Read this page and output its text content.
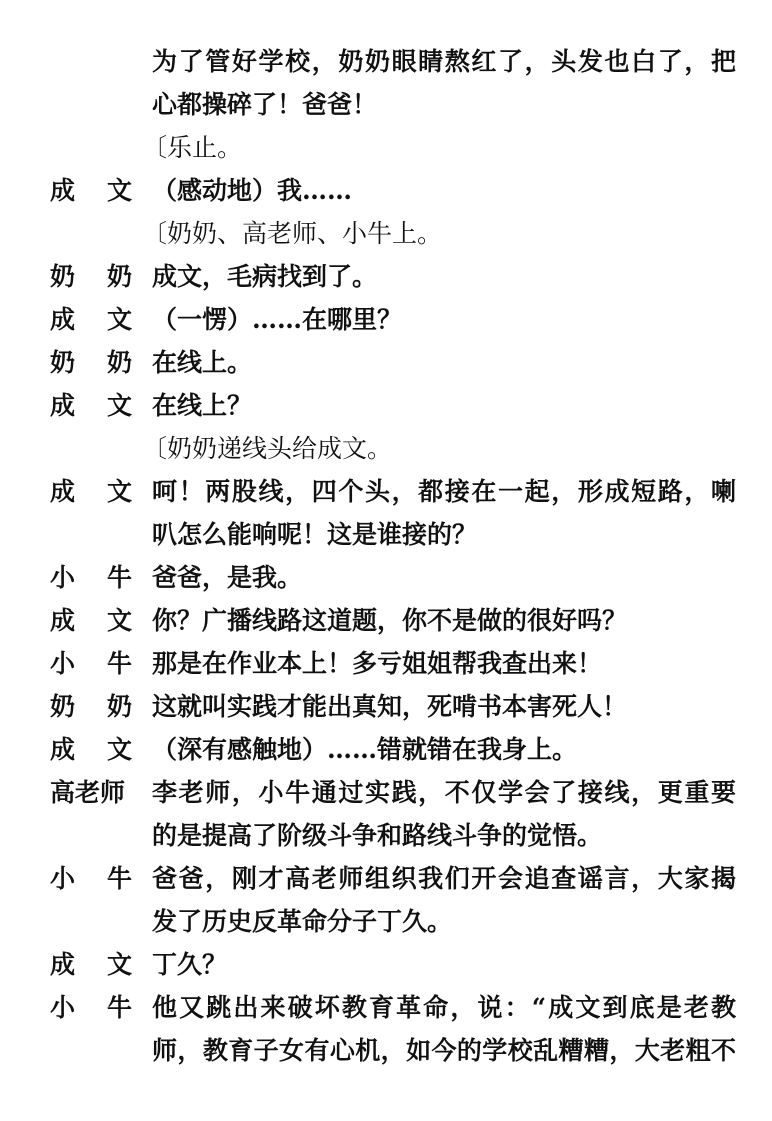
为了管好学校，奶奶眼睛熬红了，头发也白了，把
心都操碎了！爸爸！
〔乐止。
成文
（感动地）我……
〔奶奶、高老师、小牛上。
奶奶
成文，毛病找到了。
成文
（一愣）……在哪里？
奶奶
在线上。
成文
在线上？
〔奶奶递线头给成文。
成文
呵！两股线，四个头，都接在一起，形成短路，喇
叭怎么能响呢！这是谁接的？
小牛
爸爸，是我。
成文
你？广播线路这道题，你不是做的很好吗？
小牛
那是在作业本上！多亏姐姐帮我查出来！
奶奶
这就叫实践才能出真知，死啃书本害死人！
成文
（深有感触地）……错就错在我身上。
高老师 李老师，小牛通过实践，不仅学会了接线，更重要
的是提高了阶级斗争和路线斗争的觉悟。
小牛
爸爸，刚才高老师组织我们开会追查谣言，大家揭
发了历史反革命分子丁久。
成文
丁久？
小牛
他又跳出来破坏教育革命，说：“成文到底是老教
师，教育子女有心机，如今的学校乱糟糟，大老粗不
